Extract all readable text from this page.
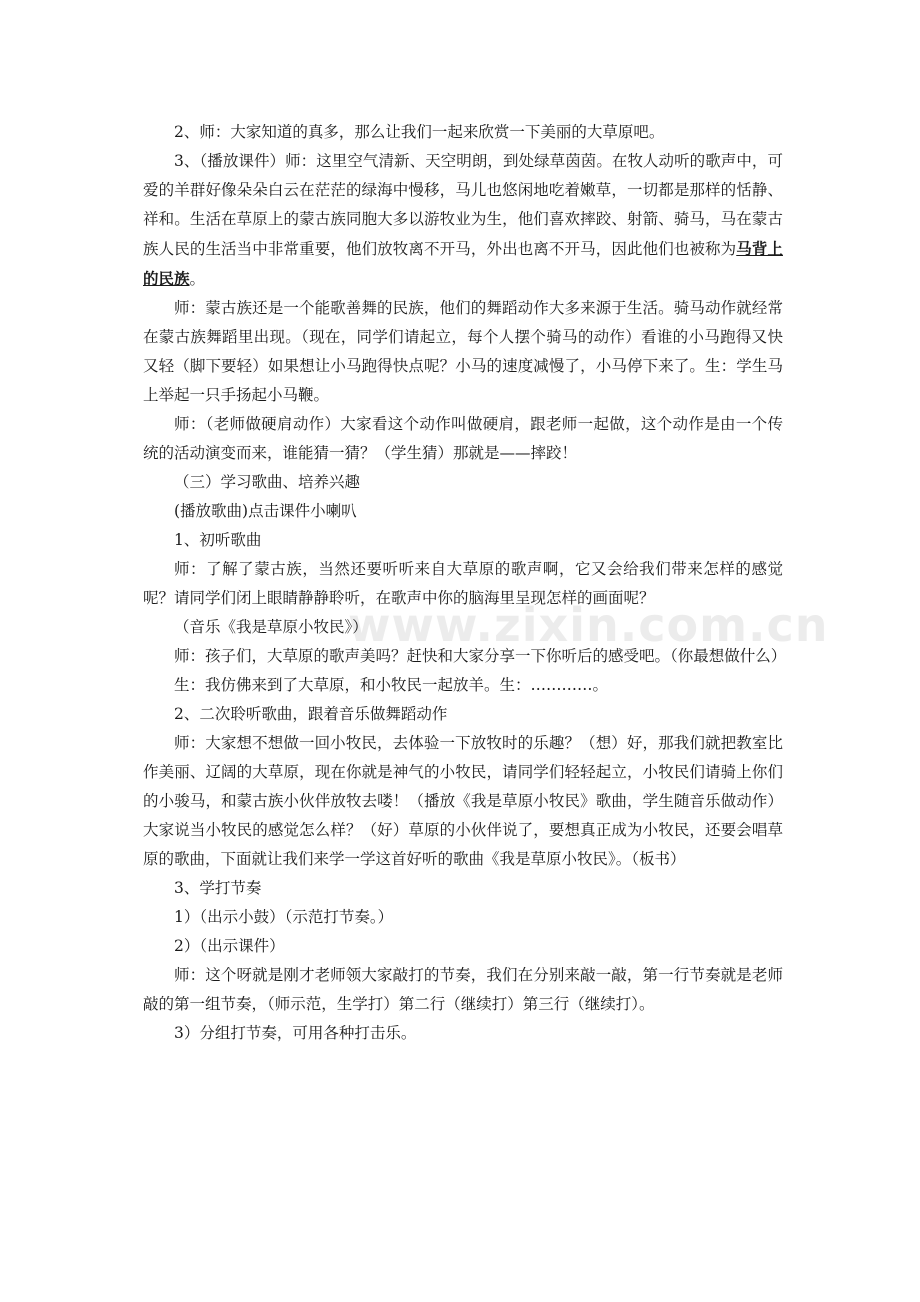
www.zixin.com.cn

2、师：大家知道的真多，那么让我们一起来欣赏一下美丽的大草原吧。

3、（播放课件）师：这里空气清新、天空明朗，到处绿草茵茵。在牧人动听的歌声中，可爱的羊群好像朵朵白云在茫茫的绿海中慢移，马儿也悠闲地吃着嫩草，一切都是那样的恬静、祥和。生活在草原上的蒙古族同胞大多以游牧业为生，他们喜欢摔跤、射箭、骑马，马在蒙古族人民的生活当中非常重要，他们放牧离不开马，外出也离不开马，因此他们也被称为马背上的民族。

师：蒙古族还是一个能歌善舞的民族，他们的舞蹈动作大多来源于生活。骑马动作就经常在蒙古族舞蹈里出现。（现在，同学们请起立，每个人摆个骑马的动作）看谁的小马跑得又快又轻（脚下要轻）如果想让小马跑得快点呢？小马的速度减慢了，小马停下来了。生：学生马上举起一只手扬起小马鞭。

师：（老师做硬肩动作）大家看这个动作叫做硬肩，跟老师一起做，这个动作是由一个传统的活动演变而来，谁能猜一猜？（学生猜）那就是——摔跤！

（三）学习歌曲、培养兴趣

(播放歌曲)点击课件小喇叭

1、初听歌曲

师：了解了蒙古族，当然还要听听来自大草原的歌声啊，它又会给我们带来怎样的感觉呢？请同学们闭上眼睛静静聆听，在歌声中你的脑海里呈现怎样的画面呢？

（音乐《我是草原小牧民》）

师：孩子们，大草原的歌声美吗？赶快和大家分享一下你听后的感受吧。（你最想做什么）

生：我仿佛来到了大草原，和小牧民一起放羊。生：…………。

2、二次聆听歌曲，跟着音乐做舞蹈动作

师：大家想不想做一回小牧民，去体验一下放牧时的乐趣？（想）好，那我们就把教室比作美丽、辽阔的大草原，现在你就是神气的小牧民，请同学们轻轻起立，小牧民们请骑上你们的小骏马，和蒙古族小伙伴放牧去喽！（播放《我是草原小牧民》歌曲，学生随音乐做动作）大家说当小牧民的感觉怎么样？（好）草原的小伙伴说了，要想真正成为小牧民，还要会唱草原的歌曲，下面就让我们来学一学这首好听的歌曲《我是草原小牧民》。（板书）

3、学打节奏

1）（出示小鼓）（示范打节奏。）

2）（出示课件）

师：这个呀就是刚才老师领大家敲打的节奏，我们在分别来敲一敲，第一行节奏就是老师敲的第一组节奏，（师示范，生学打）第二行（继续打）第三行（继续打）。

3）分组打节奏，可用各种打击乐。
